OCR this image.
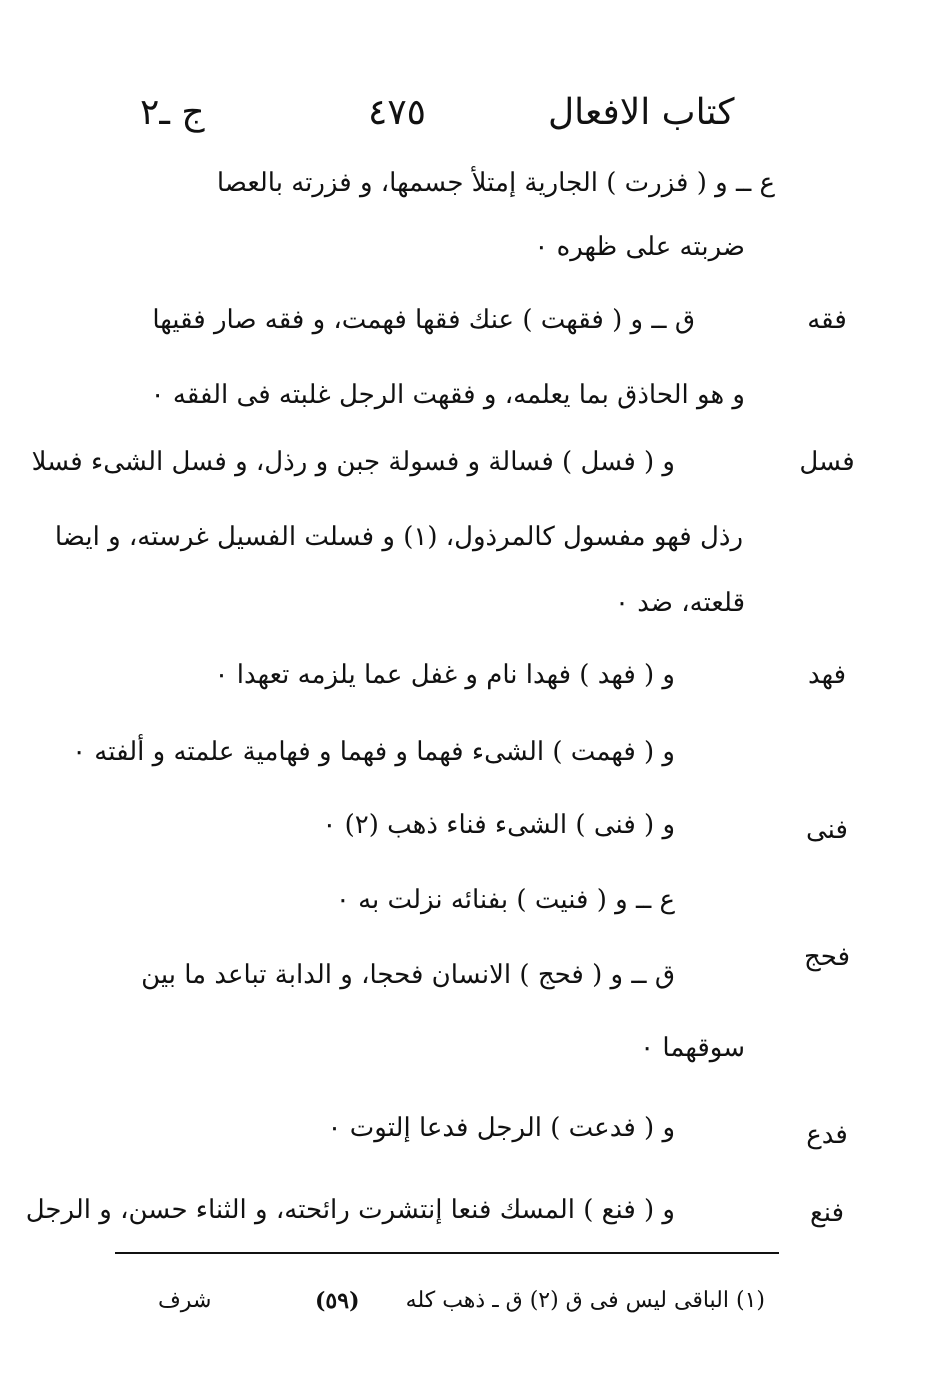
كتاب الافعال
٤٧٥
ج ـ٢
ع ــ و ( فزرت ) الجارية إمتلأ جسمها، و فزرته بالعصا
ضربته على ظهره ٠
فقه
ق ــ و ( فقهت ) عنك فقها فهمت، و فقه صار فقيها
و هو الحاذق بما يعلمه، و فقهت الرجل غلبته فى الفقه ٠
فسل
و ( فسل ) فسالة و فسولة جبن و رذل، و فسل الشىء فسلا
رذل فهو مفسول كالمرذول، (١) و فسلت الفسيل غرسته، و ايضا
قلعته، ضد ٠
فهد
و ( فهد ) فهدا نام و غفل عما يلزمه تعهدا ٠
و ( فهمت ) الشىء فهما و فهما و فهامية علمته و ألفته ٠
فنى
و ( فنى ) الشىء فناء ذهب (٢) ٠
ع ــ و ( فنيت ) بفنائه نزلت به ٠
فحج
ق ــ و ( فحج ) الانسان فحجا، و الدابة تباعد ما بين
سوقهما ٠
فدع
و ( فدعت ) الرجل فدعا إلتوت ٠
فنع
و ( فنع ) المسك فنعا إنتشرت رائحته، و الثناء حسن، و الرجل
(١) الباقى ليس فى ق (٢) ق ـ ذهب كله
(٥٩)
شرف
